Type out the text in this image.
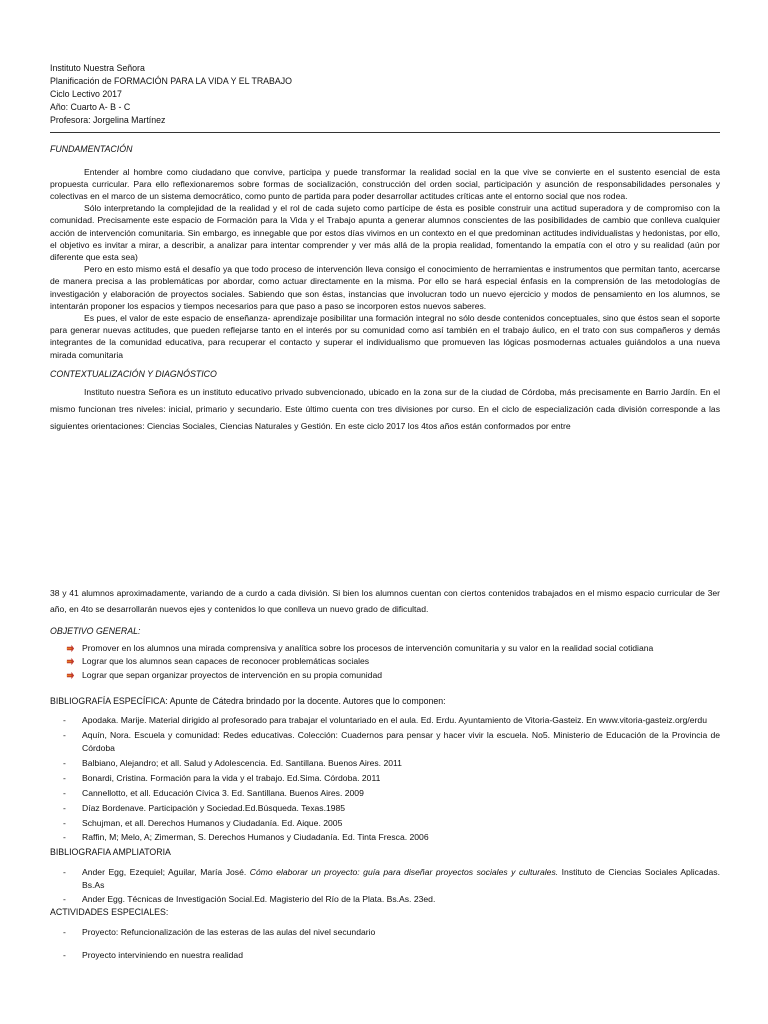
Instituto Nuestra Señora
Planificación de FORMACIÓN PARA LA VIDA Y EL TRABAJO
Ciclo Lectivo 2017
Año: Cuarto A- B - C
Profesora: Jorgelina Martínez
FUNDAMENTACIÓN

Entender al hombre como ciudadano que convive, participa y puede transformar la realidad social en la que vive se convierte en el sustento esencial de esta propuesta curricular. Para ello reflexionaremos sobre formas de socialización, construcción del orden social, participación y asunción de responsabilidades personales y colectivas en el marco de un sistema democrático, como punto de partida para poder desarrollar actitudes críticas ante el entorno social que nos rodea.

Sólo interpretando la complejidad de la realidad y el rol de cada sujeto como partícipe de ésta es posible construir una actitud superadora y de compromiso con la comunidad. Precisamente este espacio de Formación para la Vida y el Trabajo apunta a generar alumnos conscientes de las posibilidades de cambio que conlleva cualquier acción de intervención comunitaria. Sin embargo, es innegable que por estos días vivimos en un contexto en el que predominan actitudes individualistas y hedonistas, por ello, el objetivo es invitar a mirar, a describir, a analizar para intentar comprender y ver más allá de la propia realidad, fomentando la empatía con el otro y su realidad (aún por diferente que esta sea)

Pero en esto mismo está el desafío ya que todo proceso de intervención lleva consigo el conocimiento de herramientas e instrumentos que permitan tanto, acercarse de manera precisa a las problemáticas por abordar, como actuar directamente en la misma. Por ello se hará especial énfasis en la comprensión de las metodologías de investigación y elaboración de proyectos sociales. Sabiendo que son éstas, instancias que involucran todo un nuevo ejercicio y modos de pensamiento en los alumnos, se intentarán proponer los espacios y tiempos necesarios para que paso a paso se incorporen estos nuevos saberes.

Es pues, el valor de este espacio de enseñanza- aprendizaje posibilitar una formación integral no sólo desde contenidos conceptuales, sino que éstos sean el soporte para generar nuevas actitudes, que pueden reflejarse tanto en el interés por su comunidad como así también en el trabajo áulico, en el trato con sus compañeros y demás integrantes de la comunidad educativa, para recuperar el contacto y superar el individualismo que promueven las lógicas posmodernas actuales guiándolos a una nueva mirada comunitaria

CONTEXTUALIZACIÓN Y DIAGNÓSTICO

Instituto nuestra Señora es un instituto educativo privado subvencionado, ubicado en la zona sur de la ciudad de Córdoba, más precisamente en Barrio Jardín. En el mismo funcionan tres niveles: inicial, primario y secundario. Este último cuenta con tres divisiones por curso. En el ciclo de especialización cada división corresponde a las siguientes orientaciones: Ciencias Sociales, Ciencias Naturales y Gestión. En este ciclo 2017 los 4tos años están conformados por entre

38 y 41 alumnos aproximadamente, variando de a curdo a cada división. Si bien los alumnos cuentan con ciertos contenidos trabajados en el mismo espacio curricular de 3er año, en 4to se desarrollarán nuevos ejes y contenidos lo que conlleva un nuevo grado de dificultad.

OBJETIVO GENERAL:
Promover en los alumnos una mirada comprensiva y analítica sobre los procesos de intervención comunitaria y su valor en la realidad social cotidiana
Lograr que los alumnos sean capaces de reconocer problemáticas sociales
Lograr que sepan organizar proyectos de intervención en su propia comunidad
BIBLIOGRAFÍA ESPECÍFICA: Apunte de Cátedra brindado por la docente. Autores que lo componen:
- Apodaka. Marije. Material dirigido al profesorado para trabajar el voluntariado en el aula. Ed. Erdu. Ayuntamiento de Vitoria-Gasteiz. En www.vitoria-gasteiz.org/erdu
- Aquín, Nora. Escuela y comunidad: Redes educativas. Colección: Cuadernos para pensar y hacer vivir la escuela. No5. Ministerio de Educación de la Provincia de Córdoba
- Balbiano, Alejandro; et all. Salud y Adolescencia. Ed. Santillana. Buenos Aires. 2011
- Bonardi, Cristina. Formación para la vida y el trabajo. Ed.Sima. Córdoba. 2011
- Cannellotto, et all. Educación Cívica 3. Ed. Santillana. Buenos Aires. 2009
- Díaz Bordenave. Participación y Sociedad.Ed.Búsqueda. Texas.1985
- Schujman, et all. Derechos Humanos y Ciudadanía. Ed. Aique. 2005
- Raffin, M; Melo, A; Zimerman, S. Derechos Humanos y Ciudadanía. Ed. Tinta Fresca. 2006
BIBLIOGRAFIA AMPLIATORIA
- Ander Egg, Ezequiel; Aguilar, María José. Cómo elaborar un proyecto: guía para diseñar proyectos sociales y culturales. Instituto de Ciencias Sociales Aplicadas. Bs.As
- Ander Egg. Técnicas de Investigación Social.Ed. Magisterio del Río de la Plata. Bs.As. 23ed.
ACTIVIDADES ESPECIALES:
- Proyecto: Refuncionalización de las esteras de las aulas del nivel secundario
- Proyecto interviniendo en nuestra realidad
